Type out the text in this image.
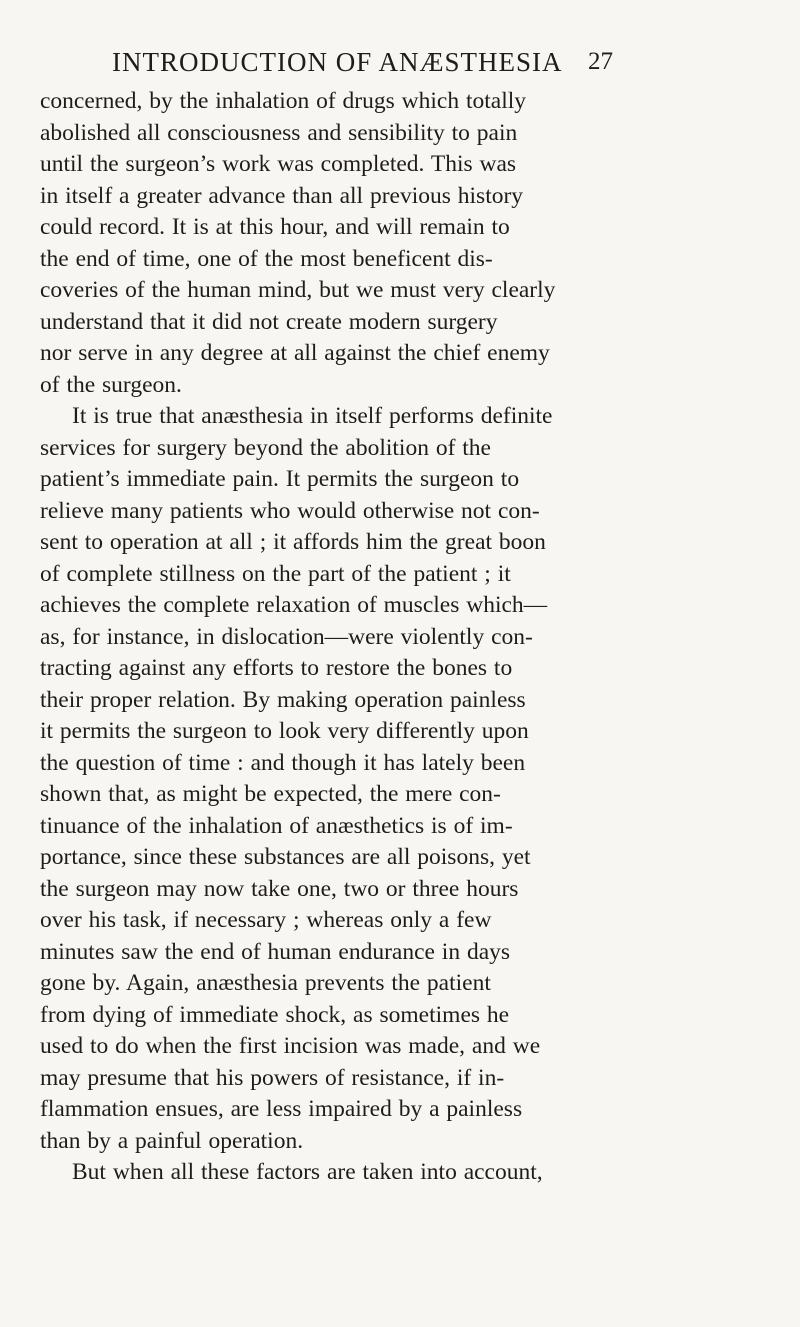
INTRODUCTION OF ANÆSTHESIA 27
concerned, by the inhalation of drugs which totally
abolished all consciousness and sensibility to pain
until the surgeon’s work was completed. This was
in itself a greater advance than all previous history
could record. It is at this hour, and will remain to
the end of time, one of the most beneficent dis-
coveries of the human mind, but we must very clearly
understand that it did not create modern surgery
nor serve in any degree at all against the chief enemy
of the surgeon.
It is true that anæsthesia in itself performs definite
services for surgery beyond the abolition of the
patient’s immediate pain. It permits the surgeon to
relieve many patients who would otherwise not con-
sent to operation at all ; it affords him the great boon
of complete stillness on the part of the patient ; it
achieves the complete relaxation of muscles which—
as, for instance, in dislocation—were violently con-
tracting against any efforts to restore the bones to
their proper relation. By making operation painless
it permits the surgeon to look very differently upon
the question of time : and though it has lately been
shown that, as might be expected, the mere con-
tinuance of the inhalation of anæsthetics is of im-
portance, since these substances are all poisons, yet
the surgeon may now take one, two or three hours
over his task, if necessary ; whereas only a few
minutes saw the end of human endurance in days
gone by. Again, anæsthesia prevents the patient
from dying of immediate shock, as sometimes he
used to do when the first incision was made, and we
may presume that his powers of resistance, if in-
flammation ensues, are less impaired by a painless
than by a painful operation.
But when all these factors are taken into account,
